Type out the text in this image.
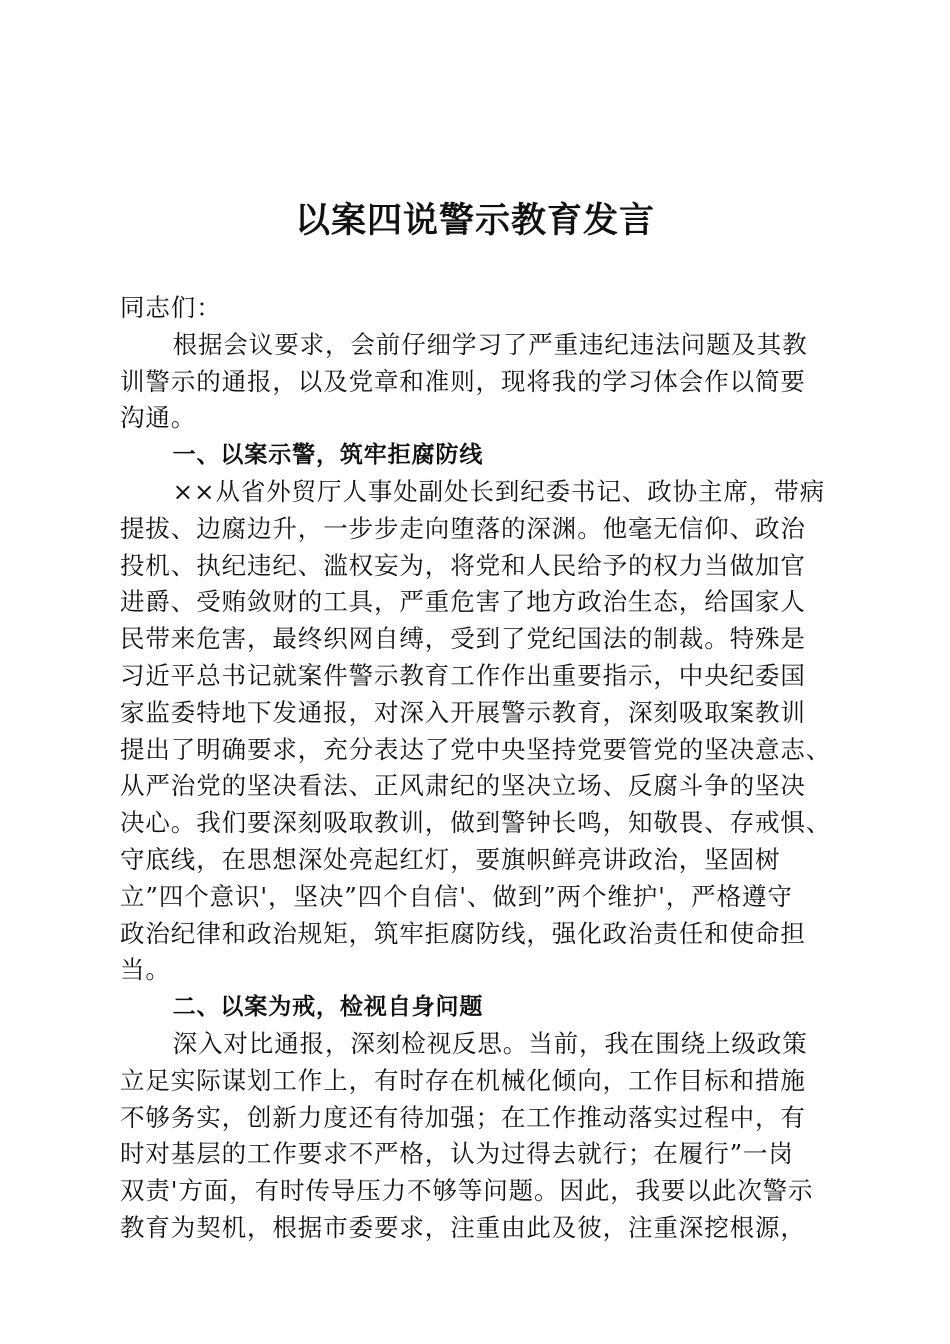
以案四说警示教育发言
同志们：
根据会议要求，会前仔细学习了严重违纪违法问题及其教
训警示的通报，以及党章和准则，现将我的学习体会作以简要
沟通。
一、以案示警，筑牢拒腐防线
××从省外贸厅人事处副处长到纪委书记、政协主席，带病
提拔、边腐边升，一步步走向堕落的深渊。他毫无信仰、政治
投机、执纪违纪、滥权妄为，将党和人民给予的权力当做加官
进爵、受贿敛财的工具，严重危害了地方政治生态，给国家人
民带来危害，最终织网自缚，受到了党纪国法的制裁。特殊是
习近平总书记就案件警示教育工作作出重要指示，中央纪委国
家监委特地下发通报，对深入开展警示教育，深刻吸取案教训
提出了明确要求，充分表达了党中央坚持党要管党的坚决意志、
从严治党的坚决看法、正风肃纪的坚决立场、反腐斗争的坚决
决心。我们要深刻吸取教训，做到警钟长鸣，知敬畏、存戒惧、
守底线，在思想深处亮起红灯，要旗帜鲜亮讲政治，坚固树
立”四个意识'，坚决”四个自信'、做到”两个维护'，严格遵守
政治纪律和政治规矩，筑牢拒腐防线，强化政治责任和使命担
当。
二、以案为戒，检视自身问题
深入对比通报，深刻检视反思。当前，我在围绕上级政策
立足实际谋划工作上，有时存在机械化倾向，工作目标和措施
不够务实，创新力度还有待加强；在工作推动落实过程中，有
时对基层的工作要求不严格，认为过得去就行；在履行”一岗
双责'方面，有时传导压力不够等问题。因此，我要以此次警示
教育为契机，根据市委要求，注重由此及彼，注重深挖根源，
